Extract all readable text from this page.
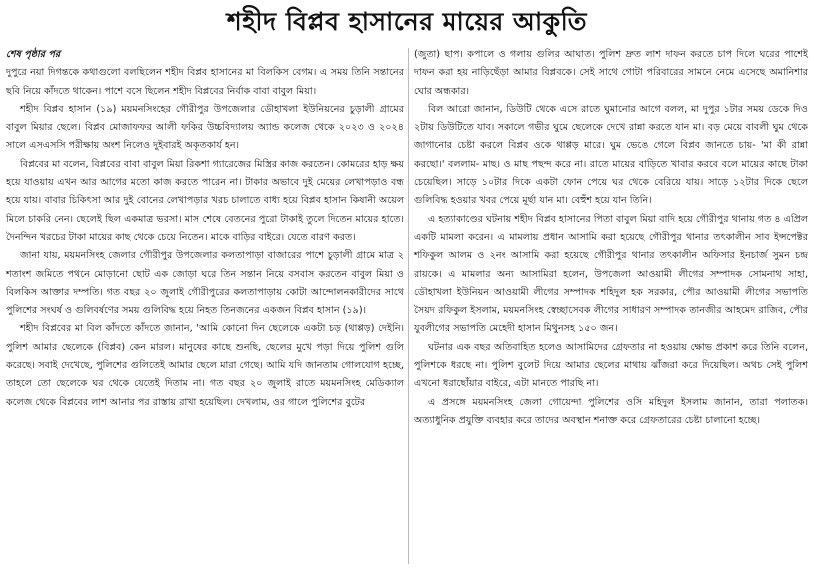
শহীদ বিপ্লব হাসানের মায়ের আকুতি

শেষ পৃষ্ঠার পর
দুপুরে নয়া দিগন্তকে কথাগুলো বলছিলেন শহীদ বিপ্লব হাসানের মা বিলকিস বেগম। এ সময় তিনি সন্তানের ছবি নিয়ে কাঁদতে থাকেন। পাশে বসে ছিলেন শহীদ বিপ্লবের নির্বাক বাবা বাবুল মিয়া।

শহীদ বিপ্লব হাসান (১৯) ময়মনসিংহের গৌরীপুর উপজেলার ডৌহাখলা ইউনিয়নের চুড়ালী গ্রামের বাবুল মিয়ার ছেলে। বিপ্লব মোজাফফর আলী ফকির উচ্চবিদ্যালয় অ্যান্ড কলেজ থেকে ২০২৩ ও ২০২৪ সালে এসএসসি পরীক্ষায় অংশ নিলেও দুইবারই অকৃতকার্য হন।

বিপ্লবের মা বলেন, বিপ্লবের বাবা বাবুল মিয়া রিকশা গ্যারেজের মিস্ত্রির কাজ করতেন। কোমরের হাড় ক্ষয় হয়ে যাওয়ায় এখন আর আগের মতো কাজ করতে পারেন না। টাকার অভাবে দুই মেয়ের লেখাপড়াও বন্ধ হয়ে যায়। বাবার চিকিৎসা আর দুই বোনের লেখাপড়ার খরচ চালাতে বাধ্য হয়ে বিপ্লব হাসান কিষানী অয়েল মিলে চাকরি নেন। ছেলেই ছিল একমাত্র ভরসা। মাস শেষে বেতনের পুরো টাকাই তুলে দিতেন মায়ের হাতে। দৈনন্দিন খরচের টাকা মায়ের কাছ থেকে চেয়ে নিতেন। মাকে বাড়ির বাইরে। যেতে বারণ করত।

জানা যায়, ময়মনসিংহ জেলার গৌরীপুর উপজেলার কলতাপাড়া বাজারের পাশে চুড়ালী গ্রামে মাত্র ২ শতাংশ জমিতে পথনে মোড়ানো ছোট এক জোড়া ঘরে তিন সন্তান নিয়ে বসবাস করতেন বাবুল মিয়া ও বিলকিস আক্তার দম্পতি। গত বছর ২০ জুলাই গৌরীপুরের কলতাপাড়ায় কোটা আন্দোলনকারীদের সাথে পুলিশের সংঘর্ষ ও গুলিবর্ষণের সময় গুলিবিদ্ধ হয়ে নিহত তিনজনের একজন বিপ্লব হাসান (১৯)।

শহীদ বিপ্লবের মা বিল কাঁদতে কাঁদতে জানান, 'আমি কোনো দিন ছেলেকে একটা চড় (থাপ্পড়) দেইনি। পুলিশ আমার ছেলেকে (বিপ্লব) কেন মারল। মানুষের কাছে শুনছি, ছেলের মুখে পড়া দিয়ে পুলিশ গুলি করেছে। সবাই দেখেছে, পুলিশের গুলিতেই আমার ছেলে মারা গেছে। আমি যদি জানতাম গোলযোগ হচ্ছে, তাহলে তো ছেলেকে ঘর থেকে যেতেই দিতাম না। গত বছর ২০ জুলাই রাতে ময়মনসিংহ মেডিক্যাল কলেজ থেকে বিপ্লবের লাশ আনার পর রাস্তায় রাখা হয়েছিল। দেখলাম, ওর গালে পুলিশের বুটের

(জুতা) ছাপ। কপালে ও গলায় গুলির আঘাত। পুলিশ দ্রুত লাশ দাফন করতে চাপ দিলে ঘরের পাশেই দাফন করা হয় নাড়িছেঁড়া আমার বিপ্লবকে। সেই সাথে গোটা পরিবারের সামনে নেমে এসেছে অমানিশার ঘোর অন্ধকার।

বিল আরো জানান, ডিউটি থেকে এসে রাতে ঘুমানোর আগে বলল, মা দুপুর ১টার সময় ডেকে দিও ২টায় ডিউটিতে যাব। সকালে গভীর ঘুমে ছেলেকে দেখে রান্না করতে যান মা। বড় মেয়ে বাবলী ঘুম থেকে জাগানোর চেষ্টা করলে বিপ্লব ওকে থাপ্পড় মারে। ঘুম ভেঙে গেলে বিপ্লব জানতে চায়- 'মা কী রান্না করছো।' বললাম- মাছ। ও মাছ পছন্দ করে না। রাতে মায়ের বাড়িতে খাবার করবে বলে মায়ের কাছে টাকা চেয়েছিল। সাড়ে ১০টার দিকে একটা ফোন পেয়ে ঘর থেকে বেরিয়ে যায়। সাড়ে ১২টার দিকে ছেলে গুলিবিদ্ধ হওয়ার খবর পেয়ে মূর্ছা যান মা। বেহুঁশ হয়ে যান তিনি।

এ হত্যাকাণ্ডের ঘটনায় শহীদ বিপ্লব হাসানের পিতা বাবুল মিয়া বাদি হয়ে গৌরীপুর থানায় গত ৪ এপ্রিল একটি মামলা করেন। এ মামলায় প্রধান আসামি করা হয়েছে গৌরীপুর থানার তৎকালীন সাব ইন্সপেক্টর শফিকুল আলম ও ২নং আসামি করা হয়েছে গৌরীপুর থানার তৎকালীন অফিসার ইনচার্জ সুমন চন্দ্র রায়কে। এ মামলার অন্য আসামিরা হলেন, উপজেলা আওয়ামী লীগের সম্পাদক সোমনাথ সাহা, ডৌহাখলা ইউনিয়ন আওয়ামী লীগের সম্পাদক শহিদুল হক সরকার, পৌর আওয়ামী লীগের সভাপতি সৈয়দ রফিকুল ইসলাম, ময়মনসিংহ স্বেচ্ছাসেবক লীগের সাধারণ সম্পাদক তানজীর আহমেদ রাজিব, পৌর যুবলীগের সভাপতি মেহেদী হাসান মিথুনসহ ১৫০ জন।

ঘটনার এক বছর অতিবাহিত হলেও আসামিদের গ্রেফতার না হওয়ায় ক্ষোভ প্রকাশ করে তিনি বলেন, পুলিশকে ধরছে না। পুলিশ বুলেট দিয়ে আমার ছেলের মাথায় ঝাঁজরা করে দিয়েছিল। অথচ সেই পুলিশ এখনো ধরাছোঁয়ার বাইরে, এটা মানতে পারছি না।

এ প্রসঙ্গে ময়মনসিংহ জেলা গোয়েন্দা পুলিশের ওসি মহিদুল ইসলাম জানান, তারা পলাতক। অত্যাধুনিক প্রযুক্তি ব্যবহার করে তাদের অবস্থান শনাক্ত করে গ্রেফতারের চেষ্টা চালানো হচ্ছে।
